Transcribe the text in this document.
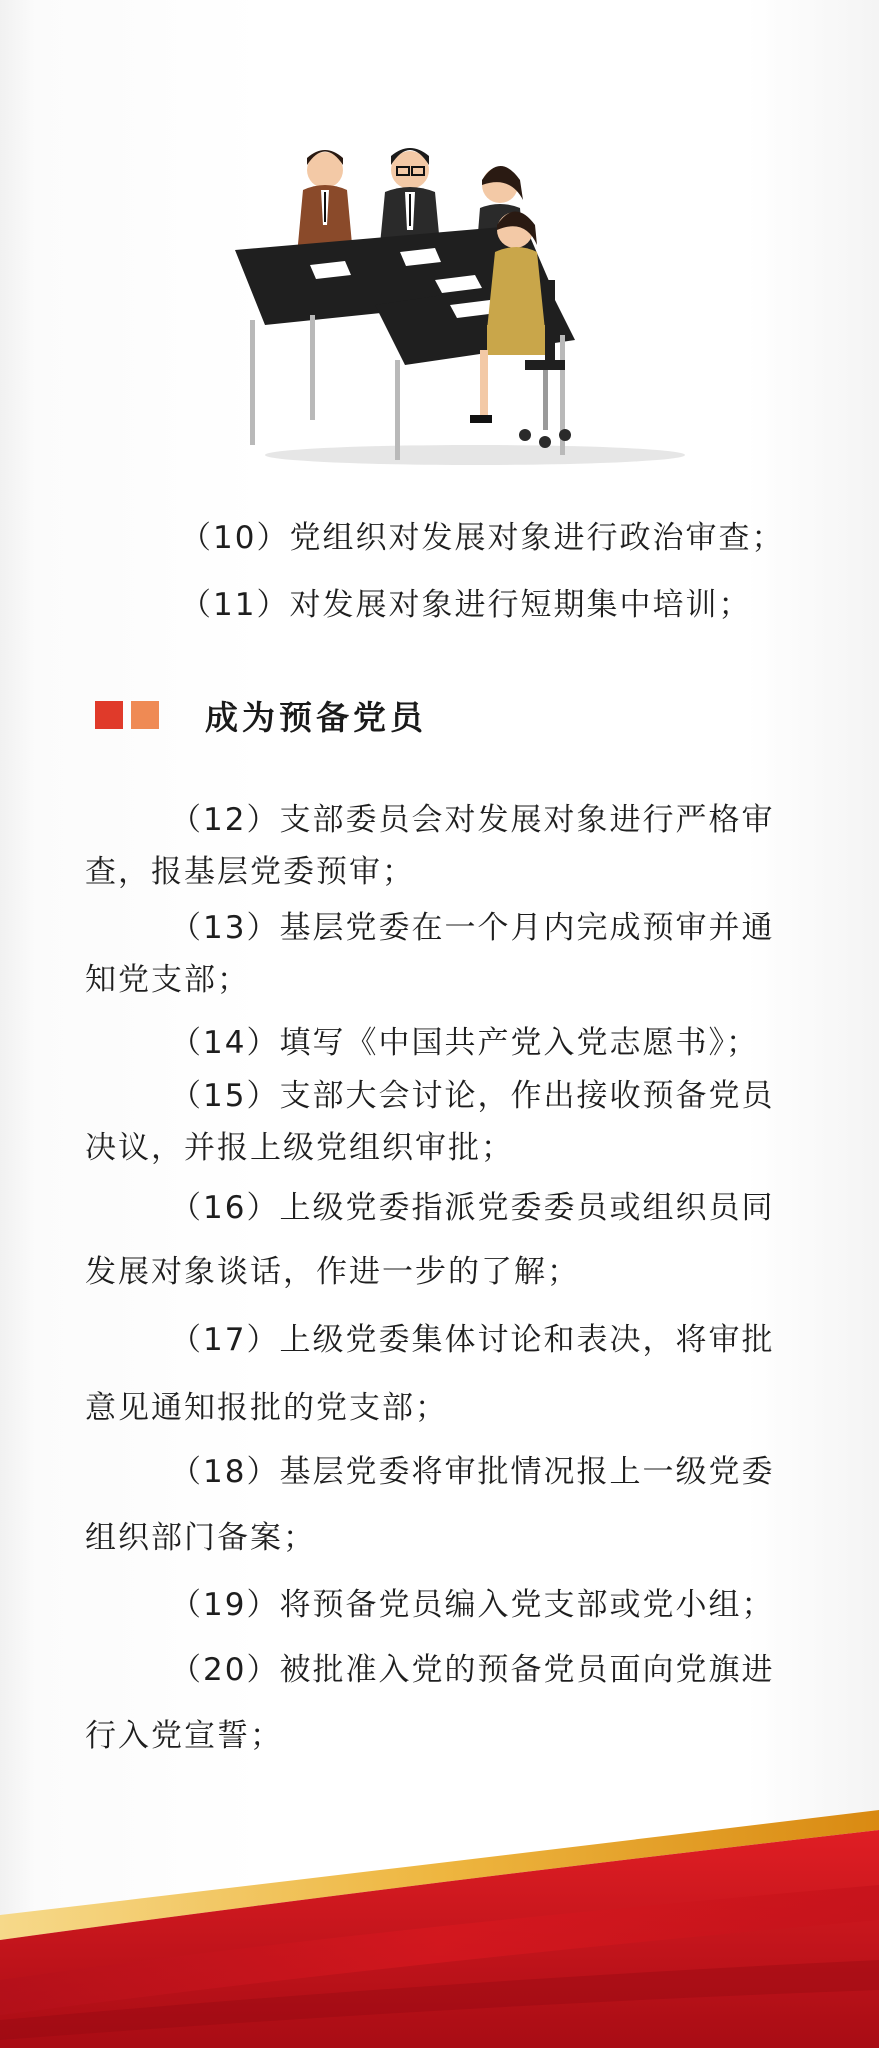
（10）党组织对发展对象进行政治审查；
（11）对发展对象进行短期集中培训；
成为预备党员
（12）支部委员会对发展对象进行严格审
查，报基层党委预审；
（13）基层党委在一个月内完成预审并通
知党支部；
（14）填写《中国共产党入党志愿书》；
（15）支部大会讨论，作出接收预备党员
决议，并报上级党组织审批；
（16）上级党委指派党委委员或组织员同
发展对象谈话，作进一步的了解；
（17）上级党委集体讨论和表决，将审批
意见通知报批的党支部；
（18）基层党委将审批情况报上一级党委
组织部门备案；
（19）将预备党员编入党支部或党小组；
（20）被批准入党的预备党员面向党旗进
行入党宣誓；
